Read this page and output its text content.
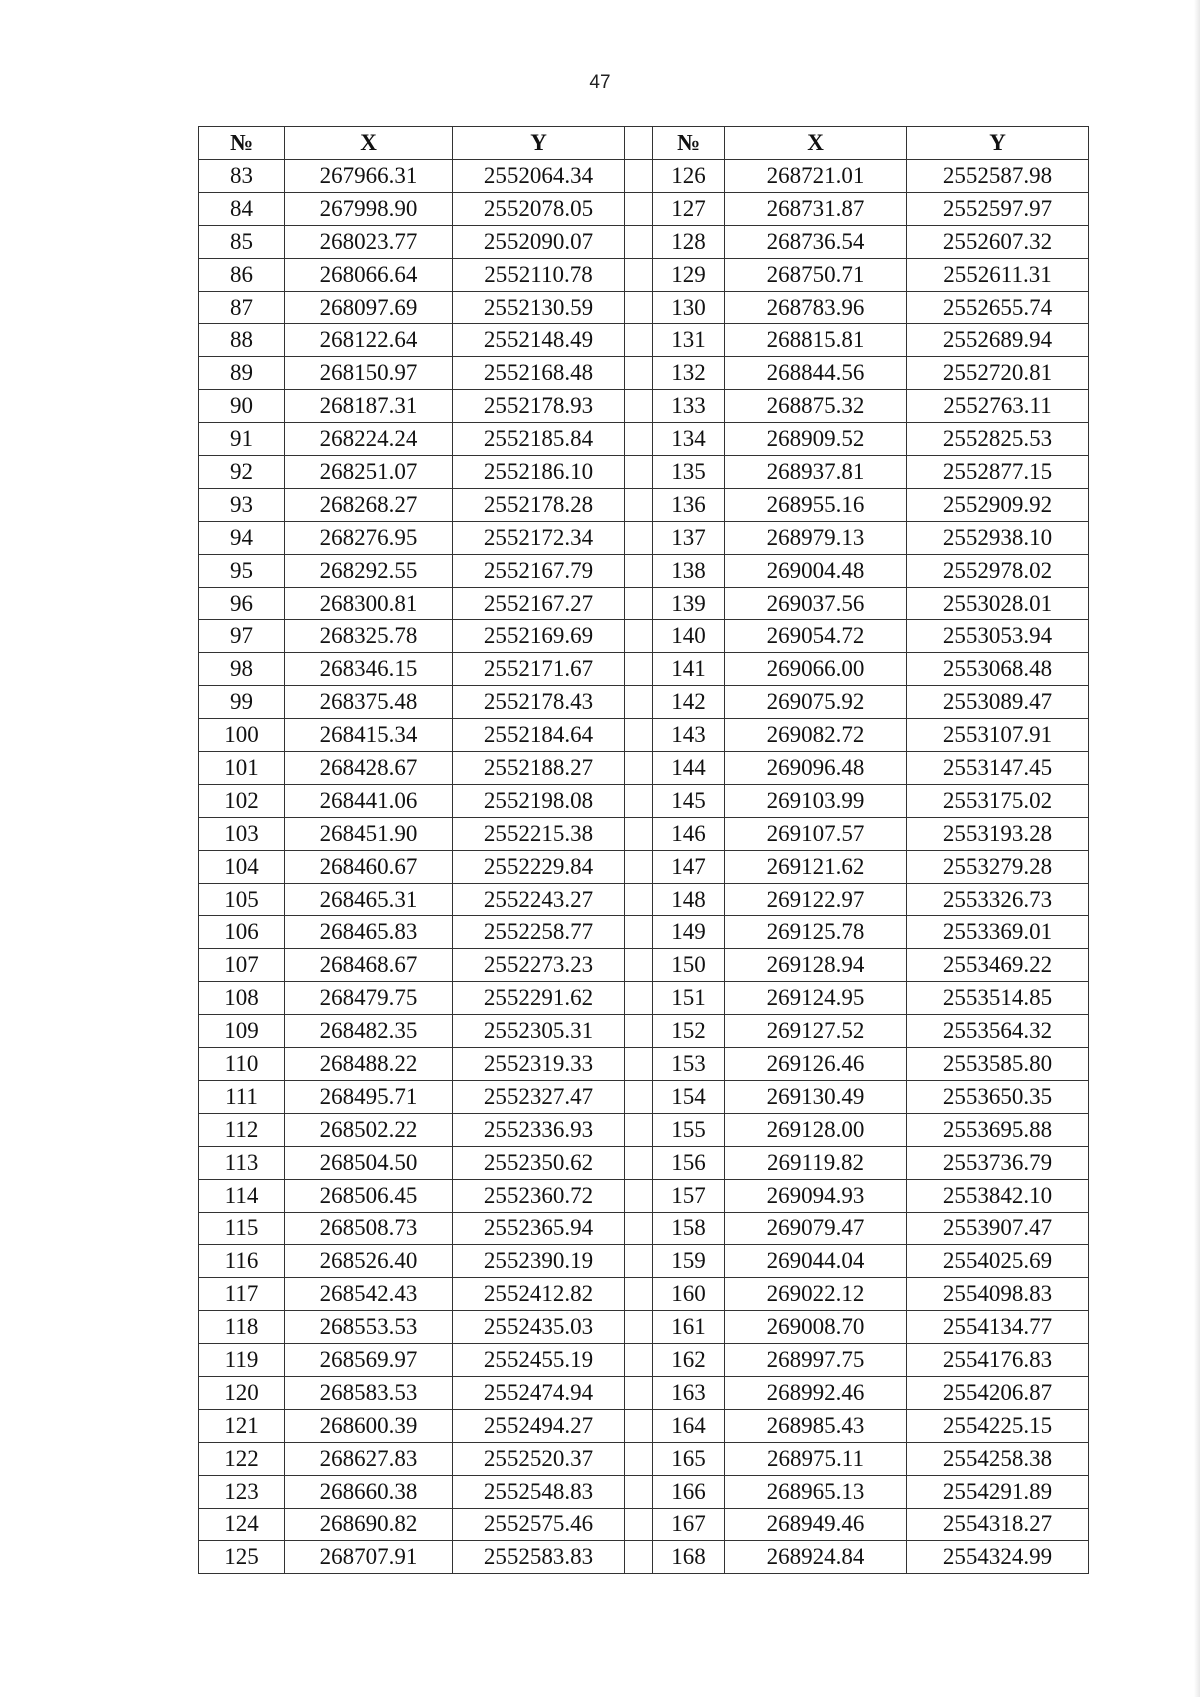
47
№	X	Y		№	X	Y
83	267966.31	2552064.34		126	268721.01	2552587.98
84	267998.90	2552078.05		127	268731.87	2552597.97
85	268023.77	2552090.07		128	268736.54	2552607.32
86	268066.64	2552110.78		129	268750.71	2552611.31
87	268097.69	2552130.59		130	268783.96	2552655.74
88	268122.64	2552148.49		131	268815.81	2552689.94
89	268150.97	2552168.48		132	268844.56	2552720.81
90	268187.31	2552178.93		133	268875.32	2552763.11
91	268224.24	2552185.84		134	268909.52	2552825.53
92	268251.07	2552186.10		135	268937.81	2552877.15
93	268268.27	2552178.28		136	268955.16	2552909.92
94	268276.95	2552172.34		137	268979.13	2552938.10
95	268292.55	2552167.79		138	269004.48	2552978.02
96	268300.81	2552167.27		139	269037.56	2553028.01
97	268325.78	2552169.69		140	269054.72	2553053.94
98	268346.15	2552171.67		141	269066.00	2553068.48
99	268375.48	2552178.43		142	269075.92	2553089.47
100	268415.34	2552184.64		143	269082.72	2553107.91
101	268428.67	2552188.27		144	269096.48	2553147.45
102	268441.06	2552198.08		145	269103.99	2553175.02
103	268451.90	2552215.38		146	269107.57	2553193.28
104	268460.67	2552229.84		147	269121.62	2553279.28
105	268465.31	2552243.27		148	269122.97	2553326.73
106	268465.83	2552258.77		149	269125.78	2553369.01
107	268468.67	2552273.23		150	269128.94	2553469.22
108	268479.75	2552291.62		151	269124.95	2553514.85
109	268482.35	2552305.31		152	269127.52	2553564.32
110	268488.22	2552319.33		153	269126.46	2553585.80
111	268495.71	2552327.47		154	269130.49	2553650.35
112	268502.22	2552336.93		155	269128.00	2553695.88
113	268504.50	2552350.62		156	269119.82	2553736.79
114	268506.45	2552360.72		157	269094.93	2553842.10
115	268508.73	2552365.94		158	269079.47	2553907.47
116	268526.40	2552390.19		159	269044.04	2554025.69
117	268542.43	2552412.82		160	269022.12	2554098.83
118	268553.53	2552435.03		161	269008.70	2554134.77
119	268569.97	2552455.19		162	268997.75	2554176.83
120	268583.53	2552474.94		163	268992.46	2554206.87
121	268600.39	2552494.27		164	268985.43	2554225.15
122	268627.83	2552520.37		165	268975.11	2554258.38
123	268660.38	2552548.83		166	268965.13	2554291.89
124	268690.82	2552575.46		167	268949.46	2554318.27
125	268707.91	2552583.83		168	268924.84	2554324.99
